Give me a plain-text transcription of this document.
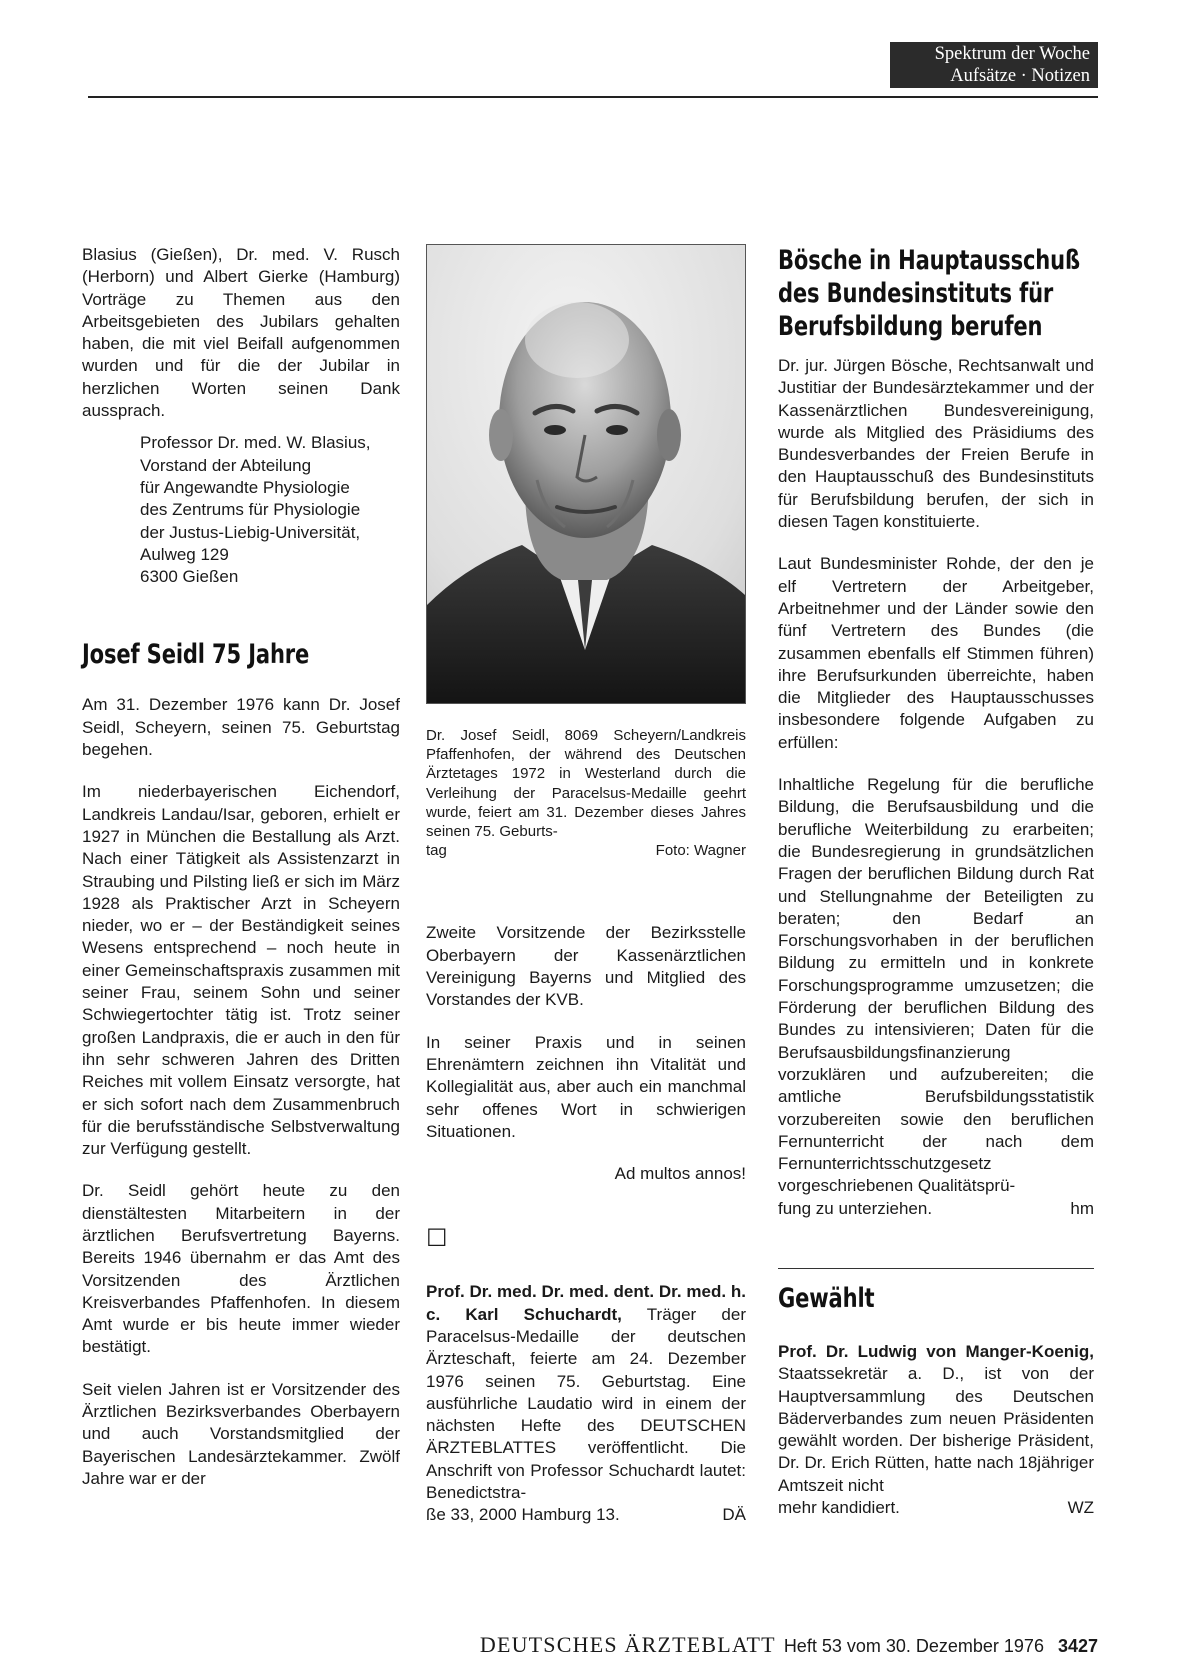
Spektrum der Woche
Aufsätze · Notizen

Blasius (Gießen), Dr. med. V. Rusch (Herborn) und Albert Gierke (Hamburg) Vorträge zu Themen aus den Arbeitsgebieten des Jubilars gehalten haben, die mit viel Beifall aufgenommen wurden und für die der Jubilar in herzlichen Worten seinen Dank aussprach.

Professor Dr. med. W. Blasius,
Vorstand der Abteilung
für Angewandte Physiologie
des Zentrums für Physiologie
der Justus-Liebig-Universität,
Aulweg 129
6300 Gießen
Josef Seidl 75 Jahre

Am 31. Dezember 1976 kann Dr. Josef Seidl, Scheyern, seinen 75. Geburtstag begehen.

Im niederbayerischen Eichendorf, Landkreis Landau/Isar, geboren, erhielt er 1927 in München die Bestallung als Arzt. Nach einer Tätigkeit als Assistenzarzt in Straubing und Pilsting ließ er sich im März 1928 als Praktischer Arzt in Scheyern nieder, wo er – der Beständigkeit seines Wesens entsprechend – noch heute in einer Gemeinschaftspraxis zusammen mit seiner Frau, seinem Sohn und seiner Schwiegertochter tätig ist. Trotz seiner großen Landpraxis, die er auch in den für ihn sehr schweren Jahren des Dritten Reiches mit vollem Einsatz versorgte, hat er sich sofort nach dem Zusammenbruch für die berufsständische Selbstverwaltung zur Verfügung gestellt.

Dr. Seidl gehört heute zu den dienstältesten Mitarbeitern in der ärztlichen Berufsvertretung Bayerns. Bereits 1946 übernahm er das Amt des Vorsitzenden des Ärztlichen Kreisverbandes Pfaffenhofen. In diesem Amt wurde er bis heute immer wieder bestätigt.

Seit vielen Jahren ist er Vorsitzender des Ärztlichen Bezirksverbandes Oberbayern und auch Vorstandsmitglied der Bayerischen Landesärztekammer. Zwölf Jahre war er der

Dr. Josef Seidl, 8069 Scheyern/Landkreis Pfaffenhofen, der während des Deutschen Ärztetages 1972 in Westerland durch die Verleihung der Paracelsus-Medaille geehrt wurde, feiert am 31. Dezember dieses Jahres seinen 75. Geburts-

tag	Foto: Wagner

Zweite Vorsitzende der Bezirksstelle Oberbayern der Kassenärztlichen Vereinigung Bayerns und Mitglied des Vorstandes der KVB.

In seiner Praxis und in seinen Ehrenämtern zeichnen ihn Vitalität und Kollegialität aus, aber auch ein manchmal sehr offenes Wort in schwierigen Situationen.

Ad multos annos!

☐

Prof. Dr. med. Dr. med. dent. Dr. med. h. c. Karl Schuchardt, Träger der Paracelsus-Medaille der deutschen Ärzteschaft, feierte am 24. Dezember 1976 seinen 75. Geburtstag. Eine ausführliche Laudatio wird in einem der nächsten Hefte des DEUTSCHEN ÄRZTEBLATTES veröffentlicht. Die Anschrift von Professor Schuchardt lautet: Benedictstra-

ße 33, 2000 Hamburg 13.	DÄ
Bösche in Hauptausschuß
des Bundesinstituts für
Berufsbildung berufen

Dr. jur. Jürgen Bösche, Rechtsanwalt und Justitiar der Bundesärztekammer und der Kassenärztlichen Bundesvereinigung, wurde als Mitglied des Präsidiums des Bundesverbandes der Freien Berufe in den Hauptausschuß des Bundesinstituts für Berufsbildung berufen, der sich in diesen Tagen konstituierte.

Laut Bundesminister Rohde, der den je elf Vertretern der Arbeitgeber, Arbeitnehmer und der Länder sowie den fünf Vertretern des Bundes (die zusammen ebenfalls elf Stimmen führen) ihre Berufsurkunden überreichte, haben die Mitglieder des Hauptausschusses insbesondere folgende Aufgaben zu erfüllen:

Inhaltliche Regelung für die berufliche Bildung, die Berufsausbildung und die berufliche Weiterbildung zu erarbeiten; die Bundesregierung in grundsätzlichen Fragen der beruflichen Bildung durch Rat und Stellungnahme der Beteiligten zu beraten; den Bedarf an Forschungsvorhaben in der beruflichen Bildung zu ermitteln und in konkrete Forschungsprogramme umzusetzen; die Förderung der beruflichen Bildung des Bundes zu intensivieren; Daten für die Berufsausbildungsfinanzierung vorzuklären und aufzubereiten; die amtliche Berufsbildungsstatistik vorzubereiten sowie den beruflichen Fernunterricht der nach dem Fernunterrichtsschutzgesetz vorgeschriebenen Qualitätsprü-

fung zu unterziehen.	hm
Gewählt

Prof. Dr. Ludwig von Manger-Koenig, Staatssekretär a. D., ist von der Hauptversammlung des Deutschen Bäderverbandes zum neuen Präsidenten gewählt worden. Der bisherige Präsident, Dr. Dr. Erich Rütten, hatte nach 18jähriger Amtszeit nicht

mehr kandidiert.	WZ
DEUTSCHES ÄRZTEBLATT Heft 53 vom 30. Dezember 1976 3427
